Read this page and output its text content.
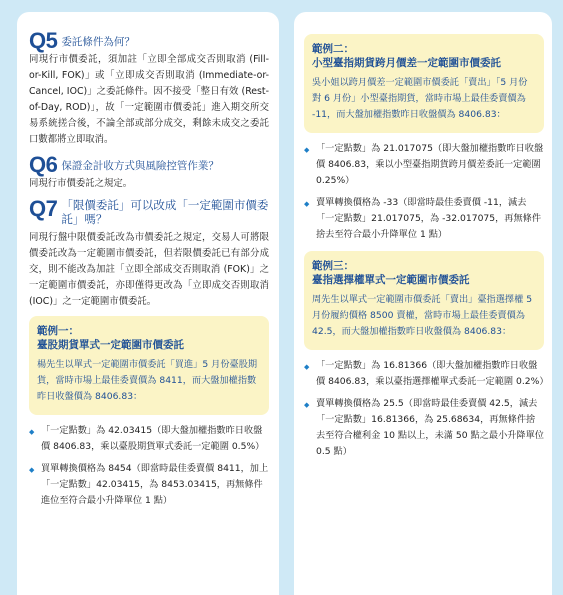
Q5 委託條件為何？

同現行市價委託，須加註「立即全部成交否則取消 (Fill-or-Kill, FOK)」或「立即成交否則取消 (Immediate-or-Cancel, IOC)」之委託條件。因不接受「整日有效 (Rest-of-Day, ROD)」，故「一定範圍市價委託」進入期交所交易系統搓合後，不論全部或部分成交，剩餘未成交之委託口數都將立即取消。

Q6 保證金計收方式與風險控管作業？

同現行市價委託之規定。

Q7 「限價委託」可以改成「一定範圍市價委託」嗎？

同現行盤中限價委託改為市價委託之規定，交易人可將限價委託改為一定範圍市價委託，但若限價委託已有部分成交，則不能改為加註「立即全部成交否則取消 (FOK)」之一定範圍市價委託，亦即僅得更改為「立即成交否則取消 (IOC)」之一定範圍市價委託。

範例一：
臺股期貨單式一定範圍市價委託
楊先生以單式一定範圍市價委託「買進」5 月份臺股期貨，當時市場上最佳委賣價為 8411，而大盤加權指數昨日收盤價為 8406.83：
◆ 「一定點數」為 42.03415（即大盤加權指數昨日收盤價 8406.83，乘以臺股期貨單式委託一定範圍 0.5%）
◆ 買單轉換價格為 8454（即當時最佳委賣價 8411，加上「一定點數」42.03415，為 8453.03415，再無條件進位至符合最小升降單位 1 點）
範例二：
小型臺指期貨跨月價差一定範圍市價委託
吳小姐以跨月價差一定範圍市價委託「賣出」「5 月份對 6 月份」小型臺指期貨，當時市場上最佳委賣價為 -11，而大盤加權指數昨日收盤價為 8406.83：
◆ 「一定點數」為 21.017075（即大盤加權指數昨日收盤價 8406.83，乘以小型臺指期貨跨月價差委託一定範圍 0.25%）
◆ 賣單轉換價格為 -33（即當時最佳委賣價 -11，減去「一定點數」21.017075，為 -32.017075，再無條件捨去至符合最小升降單位 1 點）
範例三：
臺指選擇權單式一定範圍市價委託
周先生以單式一定範圍市價委託「賣出」臺指選擇權 5 月份履約價格 8500 賣權，當時市場上最佳委賣價為 42.5，而大盤加權指數昨日收盤價為 8406.83：
◆ 「一定點數」為 16.81366（即大盤加權指數昨日收盤價 8406.83，乘以臺指選擇權單式委託一定範圍 0.2%）
◆ 賣單轉換價格為 25.5（即當時最佳委賣價 42.5，減去「一定點數」16.81366，為 25.68634，再無條件捨去至符合權利金 10 點以上，未滿 50 點之最小升降單位 0.5 點）
